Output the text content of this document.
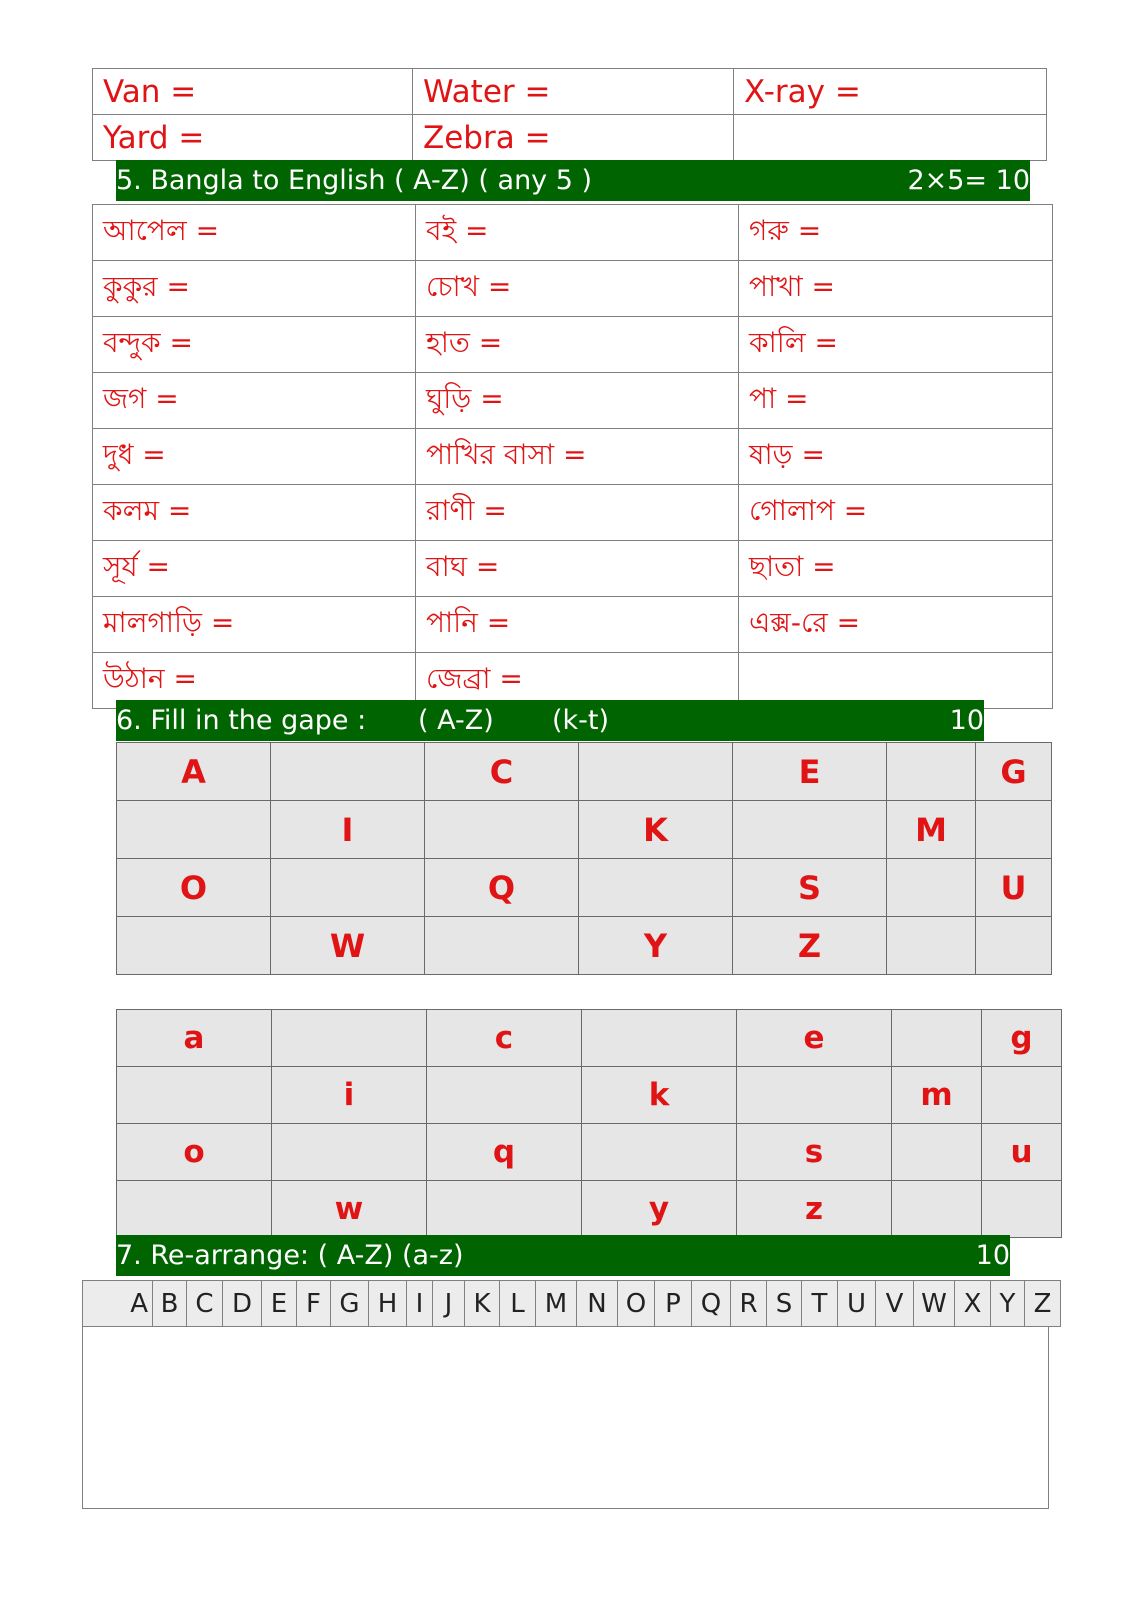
Van =	Water =	X-ray =
Yard =	Zebra =	
5. Bangla to English ( A-Z) ( any 5 )	2×5= 10
আপেল =	বই =	গরু =
কুকুর =	চোখ =	পাখা =
বন্দুক =	হাত =	কালি =
জগ =	ঘুড়ি =	পা =
দুধ =	পাখির বাসা =	ষাড় =
কলম =	রাণী =	গোলাপ =
সূর্য =	বাঘ =	ছাতা =
মালগাড়ি =	পানি =	এক্স-রে =
উঠান =	জেব্রা =	
6. Fill in the gape : ( A-Z) (k-t)	10
A		C		E		G
	I		K		M	
O		Q		S		U
	W		Y	Z		
a		c		e		g
	i		k		m	
o		q		s		u
	w		y	z		
7. Re-arrange: ( A-Z) (a-z)	10
A	B	C	D	E	F	G	H	I	J	K	L	M	N	O	P	Q	R	S	T	U	V	W	X	Y	Z
